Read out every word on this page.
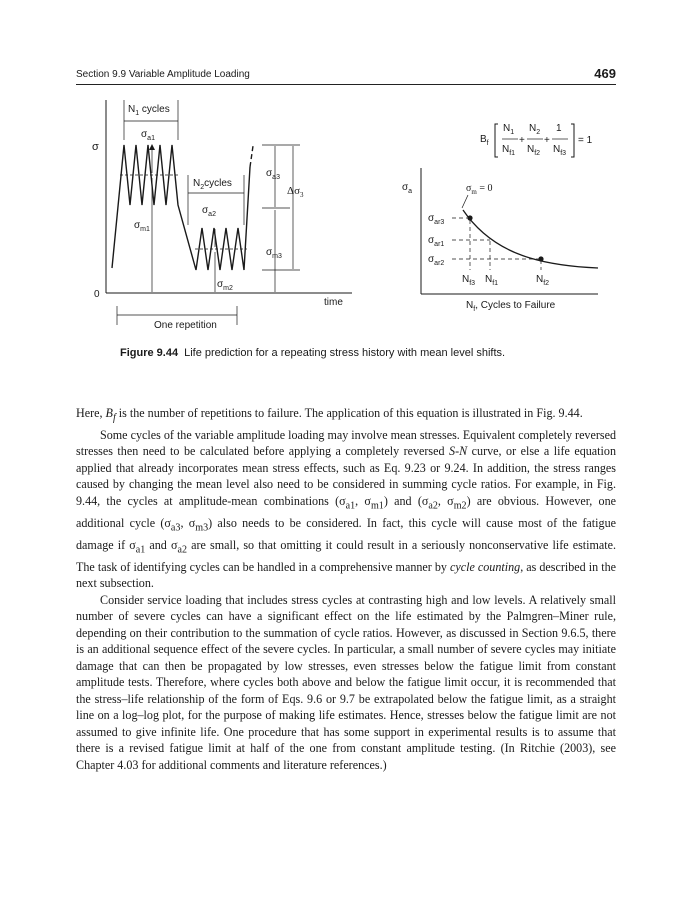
Section 9.9 Variable Amplitude Loading	469
σ
0
time
$N_1$ cycles
$\sigma_{a1}$
$N_2cycles$
$\sigma_{a2}$
$\sigma_{m1}$
$\sigma_{m2}$
$\sigma_{a3}$
$\Delta\sigma_3$
$\sigma_{m3}$
One repetition
$B_f$
$N_1$
$N_{f1}$
+
$N_2$
$N_{f2}$
+
1
$N_{f3}$
= 1
$\sigma_a$	$\sigma_m = 0$
$\sigma_{ar3}$
$\sigma_{ar1}$
$\sigma_{ar2}$
$N_{f3}$ $N_{f1}$	$N_{f2}$
$N_f$, Cycles to Failure
Figure 9.44 Life prediction for a repeating stress history with mean level shifts.

Here, $B_f$ is the number of repetitions to failure. The application of this equation is illustrated in Fig. 9.44.

Some cycles of the variable amplitude loading may involve mean stresses. Equivalent completely reversed stresses then need to be calculated before applying a completely reversed S-N curve, or else a life equation applied that already incorporates mean stress effects, such as Eq. 9.23 or 9.24. In addition, the stress ranges caused by changing the mean level also need to be considered in summing cycle ratios. For example, in Fig. 9.44, the cycles at amplitude-mean combinations ($\sigma_{a1}$, $\sigma_{m1}$) and ($\sigma_{a2}$, $\sigma_{m2}$) are obvious. However, one additional cycle ($\sigma_{a3}$, $\sigma_{m3}$) also needs to be considered. In fact, this cycle will cause most of the fatigue damage if $\sigma_{a1}$ and $\sigma_{a2}$ are small, so that omitting it could result in a seriously nonconservative life estimate. The task of identifying cycles can be handled in a comprehensive manner by cycle counting, as described in the next subsection.

Consider service loading that includes stress cycles at contrasting high and low levels. A relatively small number of severe cycles can have a significant effect on the life estimated by the Palmgren–Miner rule, depending on their contribution to the summation of cycle ratios. However, as discussed in Section 9.6.5, there is an additional sequence effect of the severe cycles. In particular, a small number of severe cycles may initiate damage that can then be propagated by low stresses, even stresses below the fatigue limit from constant amplitude tests. Therefore, where cycles both above and below the fatigue limit occur, it is recommended that the stress–life relationship of the form of Eqs. 9.6 or 9.7 be extrapolated below the fatigue limit, as a straight line on a log–log plot, for the purpose of making life estimates. Hence, stresses below the fatigue limit are not assumed to give infinite life. One procedure that has some support in experimental results is to assume that there is a revised fatigue limit at half of the one from constant amplitude testing. (In Ritchie (2003), see Chapter 4.03 for additional comments and literature references.)
